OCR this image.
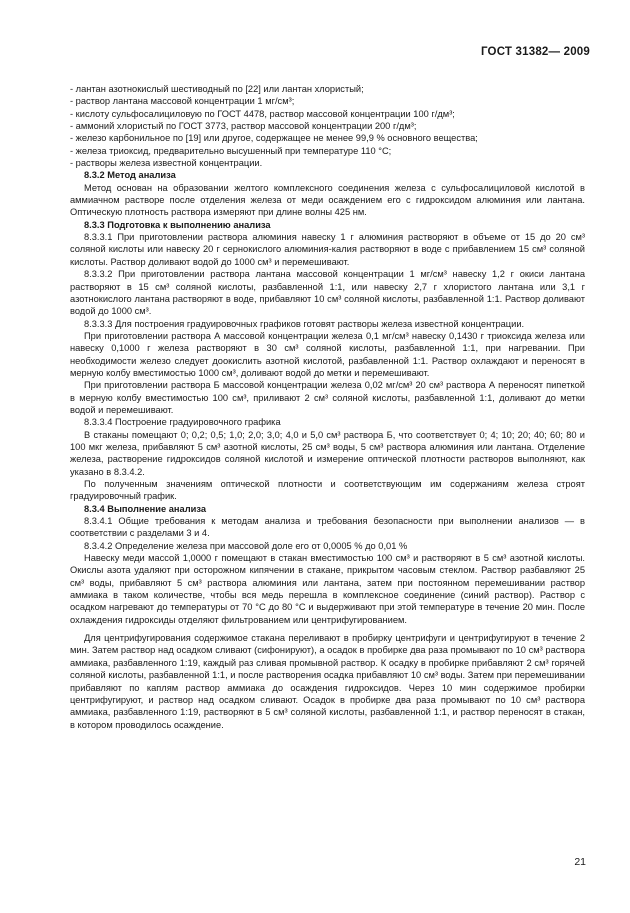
ГОСТ 31382— 2009

- лантан азотнокислый шестиводный по [22] или лантан хлористый;

- раствор лантана массовой концентрации 1 мг/см³;

- кислоту сульфосалициловую по ГОСТ 4478, раствор массовой концентрации 100 г/дм³;

- аммоний хлористый по ГОСТ 3773, раствор массовой концентрации 200 г/дм³;

- железо карбонильное по [19] или другое, содержащее не менее 99,9 % основного вещества;

- железа триоксид, предварительно высушенный при температуре 110 °С;

- растворы железа известной концентрации.

8.3.2 Метод анализа

Метод основан на образовании желтого комплексного соединения железа с сульфосалициловой кислотой в аммиачном растворе после отделения железа от меди осаждением его с гидроксидом алюминия или лантана. Оптическую плотность раствора измеряют при длине волны 425 нм.

8.3.3 Подготовка к выполнению анализа

8.3.3.1 При приготовлении раствора алюминия навеску 1 г алюминия растворяют в объеме от 15 до 20 см³ соляной кислоты или навеску 20 г сернокислого алюминия-калия растворяют в воде с прибавлением 15 см³ соляной кислоты. Раствор доливают водой до 1000 см³ и перемешивают.

8.3.3.2 При приготовлении раствора лантана массовой концентрации 1 мг/см³ навеску 1,2 г окиси лантана растворяют в 15 см³ соляной кислоты, разбавленной 1:1, или навеску 2,7 г хлористого лантана или 3,1 г азотнокислого лантана растворяют в воде, прибавляют 10 см³ соляной кислоты, разбавленной 1:1. Раствор доливают водой до 1000 см³.

8.3.3.3 Для построения градуировочных графиков готовят растворы железа известной концентрации.

При приготовлении раствора А массовой концентрации железа 0,1 мг/см³ навеску 0,1430 г триоксида железа или навеску 0,1000 г железа растворяют в 30 см³ соляной кислоты, разбавленной 1:1, при нагревании. При необходимости железо следует доокислить азотной кислотой, разбавленной 1:1. Раствор охлаждают и переносят в мерную колбу вместимостью 1000 см³, доливают водой до метки и перемешивают.

При приготовлении раствора Б массовой концентрации железа 0,02 мг/см³ 20 см³ раствора А переносят пипеткой в мерную колбу вместимостью 100 см³, приливают 2 см³ соляной кислоты, разбавленной 1:1, доливают до метки водой и перемешивают.

8.3.3.4 Построение градуировочного графика

В стаканы помещают 0; 0,2; 0,5; 1,0; 2,0; 3,0; 4,0 и 5,0 см³ раствора Б, что соответствует 0; 4; 10; 20; 40; 60; 80 и 100 мкг железа, прибавляют 5 см³ азотной кислоты, 25 см³ воды, 5 см³ раствора алюминия или лантана. Отделение железа, растворение гидроксидов соляной кислотой и измерение оптической плотности растворов выполняют, как указано в 8.3.4.2.

По полученным значениям оптической плотности и соответствующим им содержаниям железа строят градуировочный график.

8.3.4 Выполнение анализа

8.3.4.1 Общие требования к методам анализа и требования безопасности при выполнении анализов — в соответствии с разделами 3 и 4.

8.3.4.2 Определение железа при массовой доле его от 0,0005 % до 0,01 %

Навеску меди массой 1,0000 г помещают в стакан вместимостью 100 см³ и растворяют в 5 см³ азотной кислоты. Окислы азота удаляют при осторожном кипячении в стакане, прикрытом часовым стеклом. Раствор разбавляют 25 см³ воды, прибавляют 5 см³ раствора алюминия или лантана, затем при постоянном перемешивании раствор аммиака в таком количестве, чтобы вся медь перешла в комплексное соединение (синий раствор). Раствор с осадком нагревают до температуры от 70 °С до 80 °С и выдерживают при этой температуре в течение 20 мин. После охлаждения гидроксиды отделяют фильтрованием или центрифугированием.

Для центрифугирования содержимое стакана переливают в пробирку центрифуги и центрифугируют в течение 2 мин. Затем раствор над осадком сливают (сифонируют), а осадок в пробирке два раза промывают по 10 см³ раствора аммиака, разбавленного 1:19, каждый раз сливая промывной раствор. К осадку в пробирке прибавляют 2 см³ горячей соляной кислоты, разбавленной 1:1, и после растворения осадка прибавляют 10 см³ воды. Затем при перемешивании прибавляют по каплям раствор аммиака до осаждения гидроксидов. Через 10 мин содержимое пробирки центрифугируют, и раствор над осадком сливают. Осадок в пробирке два раза промывают по 10 см³ раствора аммиака, разбавленного 1:19, растворяют в 5 см³ соляной кислоты, разбавленной 1:1, и раствор переносят в стакан, в котором проводилось осаждение.

21
